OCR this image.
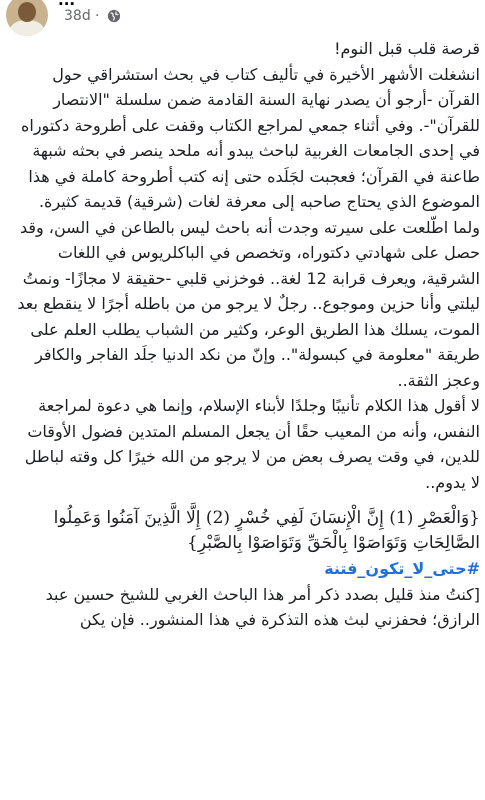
...
38d ·

قرصة قلب قبل النوم!

انشغلت الأشهر الأخيرة في تأليف كتاب في بحث استشراقي حول القرآن -أرجو أن يصدر نهاية السنة القادمة ضمن سلسلة "الانتصار للقرآن"-. وفي أثناء جمعي لمراجع الكتاب وقفت على أطروحة دكتوراه في إحدى الجامعات الغربية لباحث يبدو أنه ملحد ينصر في بحثه شبهة طاعنة في القرآن؛ فعجبت لجَلَده حتى إنه كتب أطروحة كاملة في هذا الموضوع الذي يحتاج صاحبه إلى معرفة لغات (شرقية) قديمة كثيرة. ولما اطّلعت على سيرته وجدت أنه باحث ليس بالطاعن في السن، وقد حصل على شهادتي دكتوراه، وتخصص في الباكلريوس في اللغات الشرقية، ويعرف قرابة 12 لغة.. فوخزني قلبي -حقيقة لا مجازًا- ونمتُ ليلتي وأنا حزين وموجوع.. رجلٌ لا يرجو من من باطله أجرًا لا ينقطع بعد الموت، يسلك هذا الطريق الوعر، وكثير من الشباب يطلب العلم على طريقة "معلومة في كبسولة".. وإنّ من نكد الدنيا جلَد الفاجر والكافر وعجز الثقة..

لا أقول هذا الكلام تأنيبًا وجلدًا لأبناء الإسلام، وإنما هي دعوة لمراجعة النفس، وأنه من المعيب حقًا أن يجعل المسلم المتدين فضول الأوقات للدين، في وقت يصرف بعض من لا يرجو من الله خيرًا كل وقته لباطل لا يدوم..

{وَالْعَصْرِ (1) إِنَّ الْإِنسَانَ لَفِي خُسْرٍ (2) إِلَّا الَّذِينَ آمَنُوا وَعَمِلُوا الصَّالِحَاتِ وَتَوَاصَوْا بِالْحَقِّ وَتَوَاصَوْا بِالصَّبْرِ}

#حتى_لا_تكون_فتنة

[كنتُ منذ قليل بصدد ذكر أمر هذا الباحث الغربي للشيخ حسين عبد الرازق؛ فحفزني لبث هذه التذكرة في هذا المنشور.. فإن يكن
